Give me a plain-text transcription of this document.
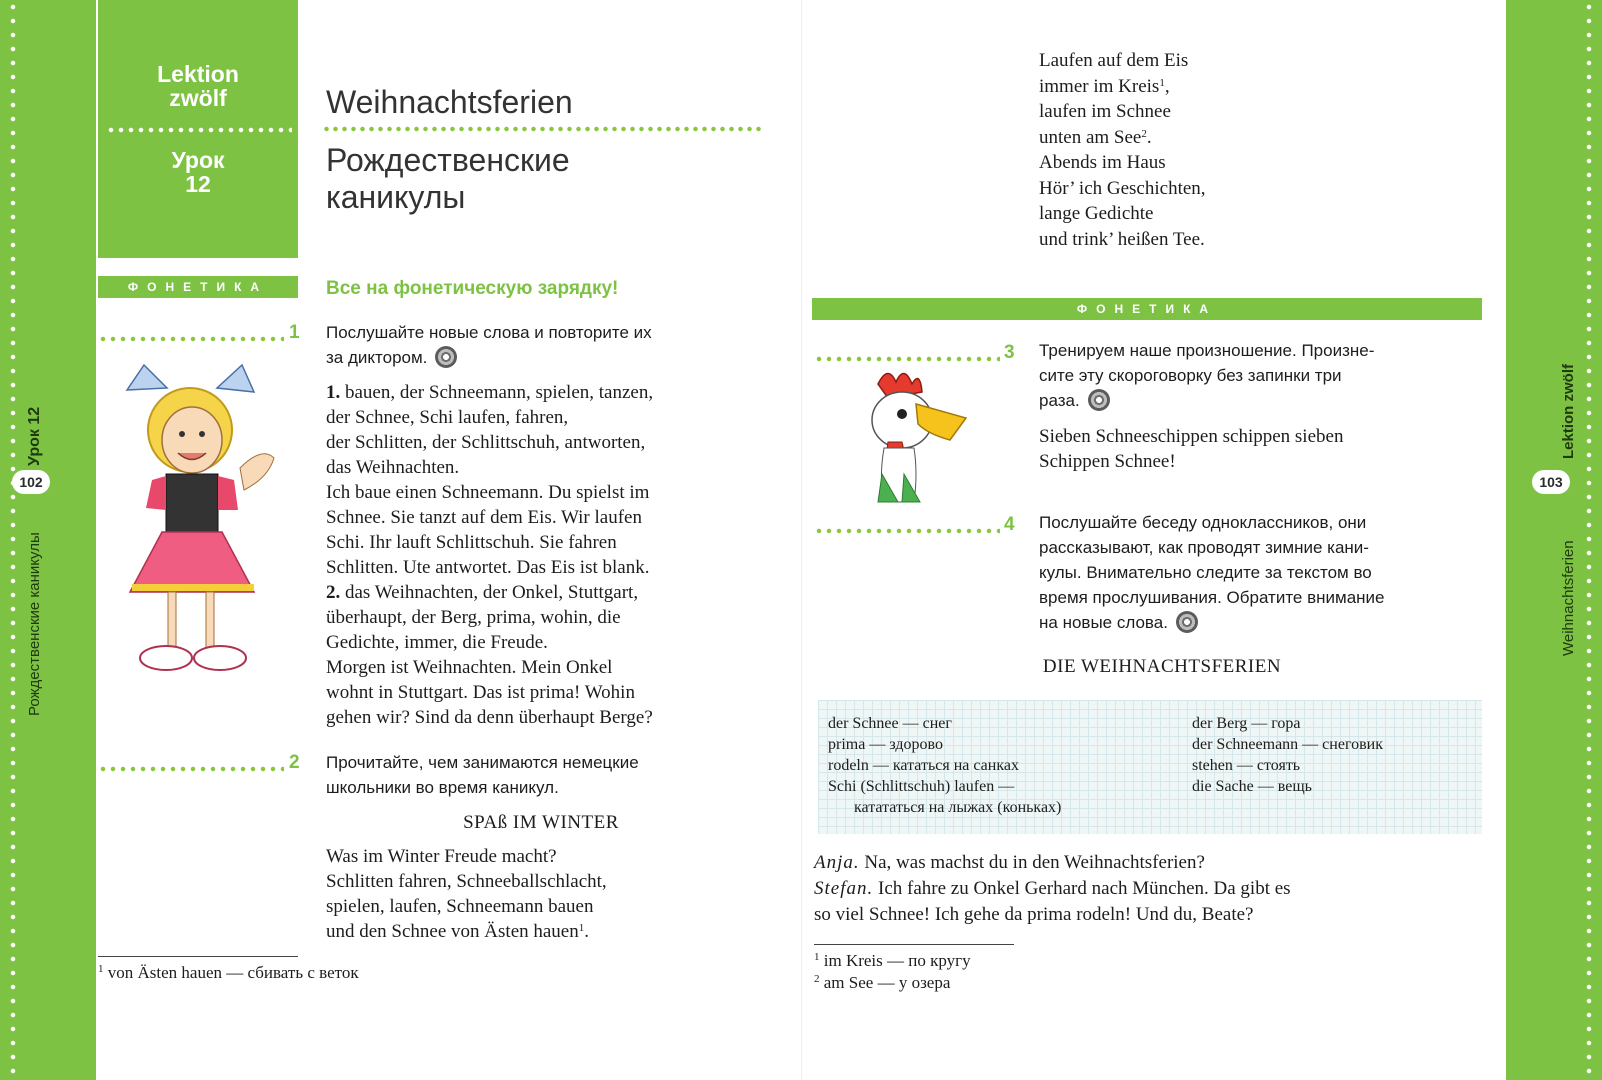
Урок 12
102
Рождественские каникулы
Lektion zwölf
103
Weihnachtsferien
Lektion
zwölf
Урок
12
Weihnachtsferien
Рождественские
каникулы
ФОНЕТИКА	Все на фонетическую зарядку!
1 Послушайте новые слова и повторите их
за диктором.
1. bauen, der Schneemann, spielen, tanzen,
der Schnee, Schi laufen, fahren,
der Schlitten, der Schlittschuh, antworten,
das Weihnachten.
Ich baue einen Schneemann. Du spielst im
Schnee. Sie tanzt auf dem Eis. Wir laufen
Schi. Ihr lauft Schlittschuh. Sie fahren
Schlitten. Ute antwortet. Das Eis ist blank.
2. das Weihnachten, der Onkel, Stuttgart,
überhaupt, der Berg, prima, wohin, die
Gedichte, immer, die Freude.
Morgen ist Weihnachten. Mein Onkel
wohnt in Stuttgart. Das ist prima! Wohin
gehen wir? Sind da denn überhaupt Berge?
2 Прочитайте, чем занимаются немецкие
школьники во время каникул.
SPAß IM WINTER
Was im Winter Freude macht?
Schlitten fahren, Schneeballschlacht,
spielen, laufen, Schneemann bauen
und den Schnee von Ästen hauen$^1$.
$^1$ von Ästen hauen — сбивать с веток
Laufen auf dem Eis
immer im Kreis$^1$,
laufen im Schnee
unten am See$^2$.
Abends im Haus
Hör’ ich Geschichten,
lange Gedichte
und trink’ heißen Tee.
ФОНЕТИКА
3 Тренируем наше произношение. Произне-
сите эту скороговорку без запинки три
раза.
Sieben Schneeschippen schippen sieben
Schippen Schnee!
4 Послушайте беседу одноклассников, они
рассказывают, как проводят зимние кани-
кулы. Внимательно следите за текстом во
время прослушивания. Обратите внимание
на новые слова.
DIE WEIHNACHTSFERIEN
der Schnee — снег
prima — здорово
rodeln — кататься на санках
Schi (Schlittschuh) laufen —
катататься на лыжах (коньках)
der Berg — гора
der Schneemann — снеговик
stehen — стоять
die Sache — вещь
Anja. Na, was machst du in den Weihnachtsferien?
Stefan. Ich fahre zu Onkel Gerhard nach München. Da gibt es
so viel Schnee! Ich gehe da prima rodeln! Und du, Beate?
$^1$ im Kreis — по кругу
$^2$ am See — у озера
